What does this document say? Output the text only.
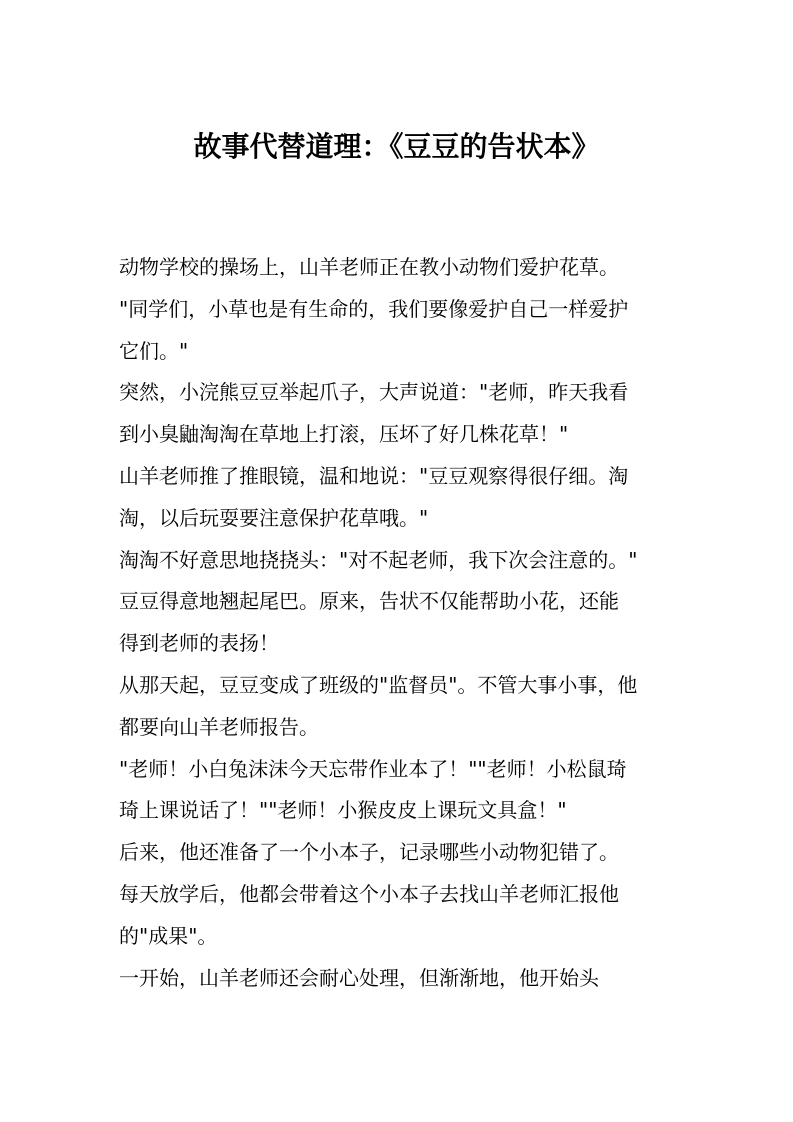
故事代替道理：《豆豆的告状本》
动物学校的操场上，山羊老师正在教小动物们爱护花草。
"同学们，小草也是有生命的，我们要像爱护自己一样爱护
它们。"
突然，小浣熊豆豆举起爪子，大声说道："老师，昨天我看
到小臭鼬淘淘在草地上打滚，压坏了好几株花草！"
山羊老师推了推眼镜，温和地说："豆豆观察得很仔细。淘
淘，以后玩耍要注意保护花草哦。"
淘淘不好意思地挠挠头："对不起老师，我下次会注意的。"
豆豆得意地翘起尾巴。原来，告状不仅能帮助小花，还能
得到老师的表扬！
从那天起，豆豆变成了班级的"监督员"。不管大事小事，他
都要向山羊老师报告。
"老师！小白兔沫沫今天忘带作业本了！""老师！小松鼠琦
琦上课说话了！""老师！小猴皮皮上课玩文具盒！"
后来，他还准备了一个小本子，记录哪些小动物犯错了。
每天放学后，他都会带着这个小本子去找山羊老师汇报他
的"成果"。
一开始，山羊老师还会耐心处理，但渐渐地，他开始头
